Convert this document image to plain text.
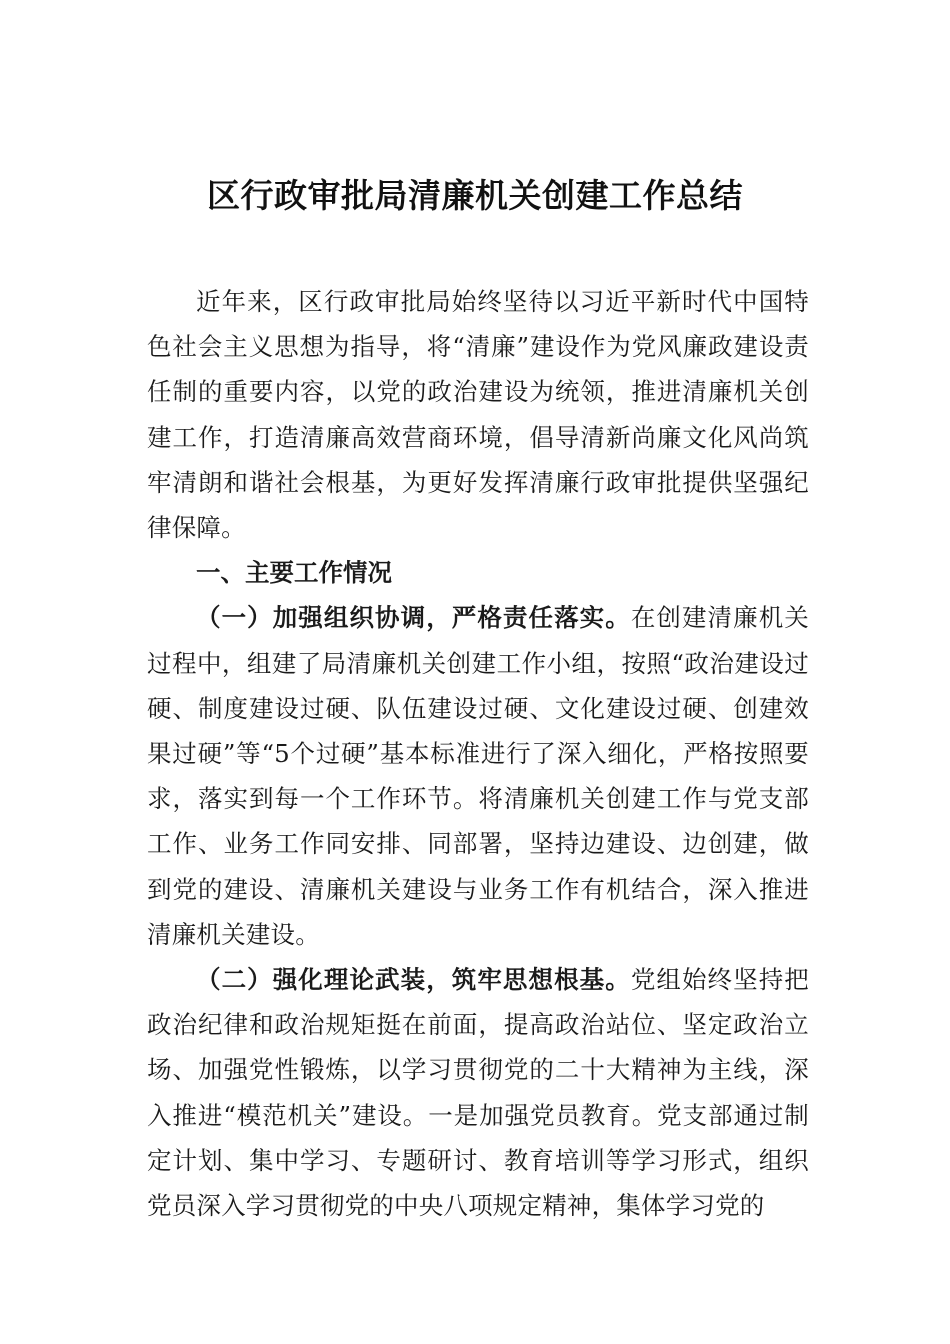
区行政审批局清廉机关创建工作总结

近年来，区行政审批局始终坚待以习近平新时代中国特色社会主义思想为指导，将“清廉”建设作为党风廉政建设责任制的重要内容，以党的政治建设为统领，推进清廉机关创建工作，打造清廉高效营商环境，倡导清新尚廉文化风尚筑牢清朗和谐社会根基，为更好发挥清廉行政审批提供坚强纪律保障。

一、主要工作情况

（一）加强组织协调，严格责任落实。在创建清廉机关过程中，组建了局清廉机关创建工作小组，按照“政治建设过硬、制度建设过硬、队伍建设过硬、文化建设过硬、创建效果过硬”等“5个过硬”基本标准进行了深入细化，严格按照要求，落实到每一个工作环节。将清廉机关创建工作与党支部工作、业务工作同安排、同部署，坚持边建设、边创建，做到党的建设、清廉机关建设与业务工作有机结合，深入推进清廉机关建设。

（二）强化理论武装，筑牢思想根基。党组始终坚持把政治纪律和政治规矩挺在前面，提高政治站位、坚定政治立场、加强党性锻炼，以学习贯彻党的二十大精神为主线，深入推进“模范机关”建设。一是加强党员教育。党支部通过制定计划、集中学习、专题研讨、教育培训等学习形式，组织党员深入学习贯彻党的中央八项规定精神，集体学习党的
